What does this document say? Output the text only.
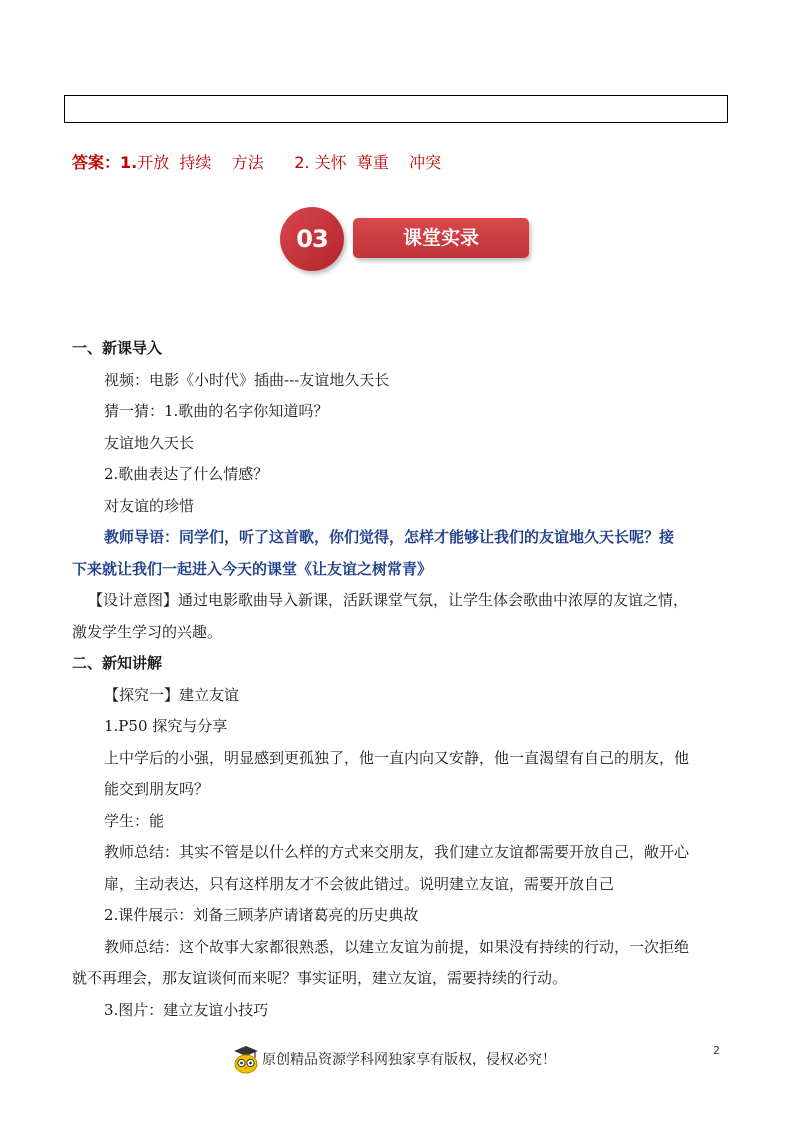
答案：1.开放  持续    方法 2. 关怀  尊重    冲突
03	课堂实录
一、新课导入
视频：电影《小时代》插曲---友谊地久天长
猜一猜：1.歌曲的名字你知道吗？
友谊地久天长
2.歌曲表达了什么情感？
对友谊的珍惜
教师导语：同学们，听了这首歌，你们觉得，怎样才能够让我们的友谊地久天长呢？接
下来就让我们一起进入今天的课堂《让友谊之树常青》
【设计意图】通过电影歌曲导入新课，活跃课堂气氛，让学生体会歌曲中浓厚的友谊之情，
激发学生学习的兴趣。
二、新知讲解
【探究一】建立友谊
1.P50 探究与分享
上中学后的小强，明显感到更孤独了，他一直内向又安静，他一直渴望有自己的朋友，他
能交到朋友吗？
学生：能
教师总结：其实不管是以什么样的方式来交朋友，我们建立友谊都需要开放自己，敞开心
扉，主动表达，只有这样朋友才不会彼此错过。说明建立友谊，需要开放自己
2.课件展示：刘备三顾茅庐请诸葛亮的历史典故
教师总结：这个故事大家都很熟悉，以建立友谊为前提，如果没有持续的行动，一次拒绝
就不再理会，那友谊谈何而来呢？事实证明，建立友谊，需要持续的行动。
3.图片：建立友谊小技巧
原创精品资源学科网独家享有版权，侵权必究！
2
